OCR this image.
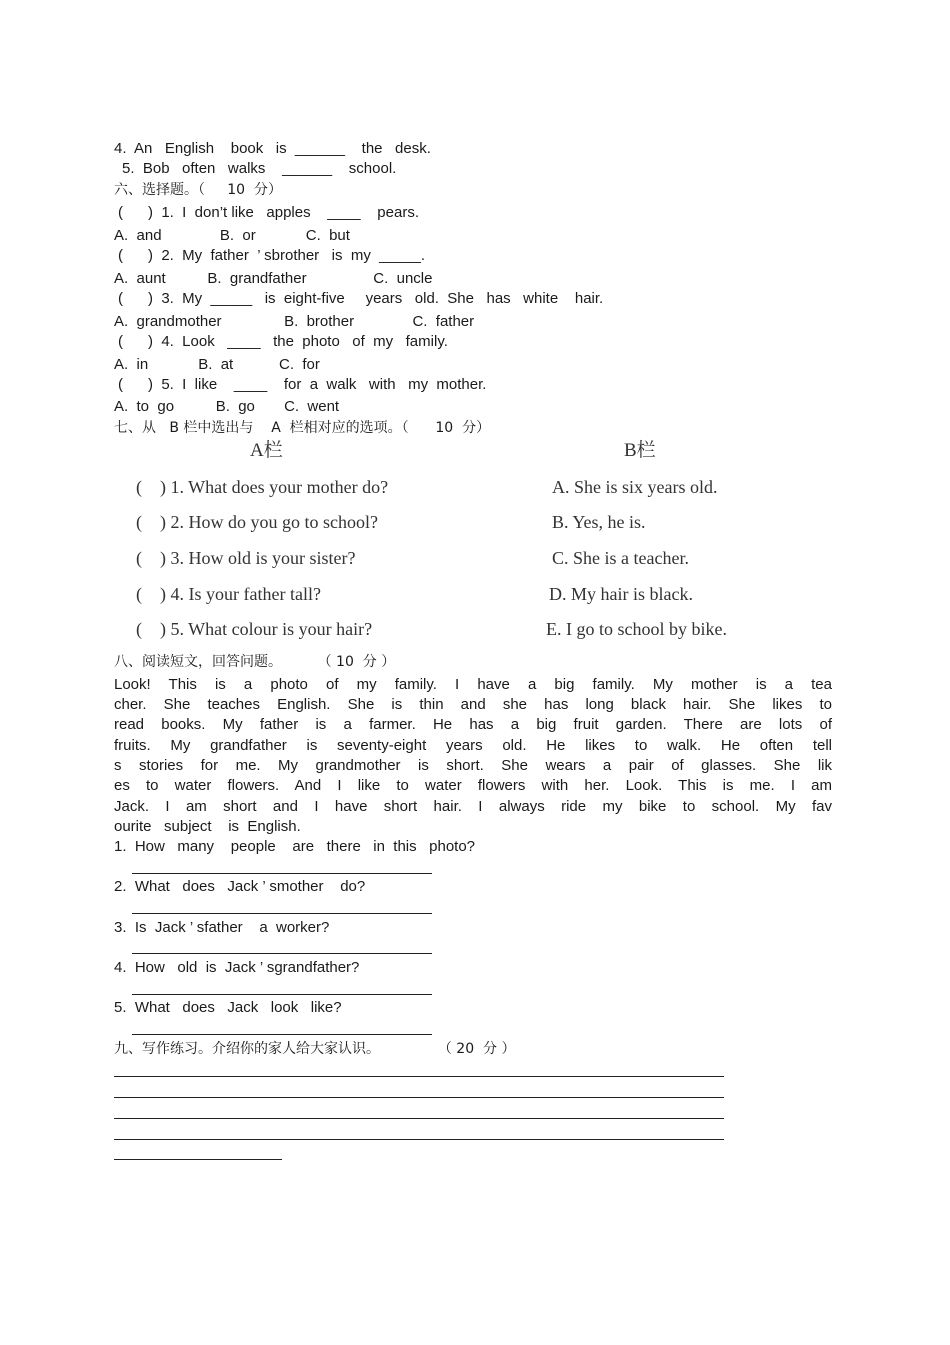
4.  An   English    book   is  ______    the   desk.
5.  Bob   often   walks    ______    school.
六、选择题。（     10  分）
(      )  1.  I  don’t like   apples    ____    pears.
A.  and              B.  or            C.  but
(      )  2.  My  father  ’ sbrother   is  my  _____.
A.  aunt          B.  grandfather                C.  uncle
(      )  3.  My  _____   is  eight-five     years   old.  She   has   white    hair.
A.  grandmother               B.  brother              C.  father
(      )  4.  Look   ____   the  photo   of  my   family.
A.  in            B.  at           C.  for
(      )  5.  I  like    ____    for  a  walk   with   my  mother.
A.  to  go          B.  go       C.  went
七、从   B 栏中选出与    A  栏相对应的选项。（      10  分）
A栏	B栏
(    ) 1. What does your mother do?
(    ) 2. How do you go to school?
(    ) 3. How old is your sister?
(    ) 4. Is your father tall?
(    ) 5. What colour is your hair?
A. She is six years old.
B. Yes, he is.
C. She is a teacher.
D. My hair is black.
E. I go to school by bike.
八、阅读短文，回答问题。        （ 10  分 ）
Look! This is a photo of my family. I have a big family. My mother is a tea
cher. She teaches English. She is thin and she has long black hair. She likes to
read books. My father is a farmer. He has a big fruit garden. There are lots of
fruits. My grandfather is seventy-eight years old. He likes to walk. He often tell
s stories for me. My grandmother is short. She wears a pair of glasses. She lik
es to water flowers. And I like to water flowers with her. Look. This is me. I am
Jack. I am short and I have short hair. I always ride my bike to school. My fav
ourite   subject    is  English.
1.  How   many    people    are   there   in  this   photo?
2.  What   does   Jack ’ smother    do?
3.  Is  Jack ’ sfather    a  worker?
4.  How   old  is  Jack ’ sgrandfather?
5.  What   does   Jack   look   like?
九、写作练习。介绍你的家人给大家认识。             （ 20  分 ）
